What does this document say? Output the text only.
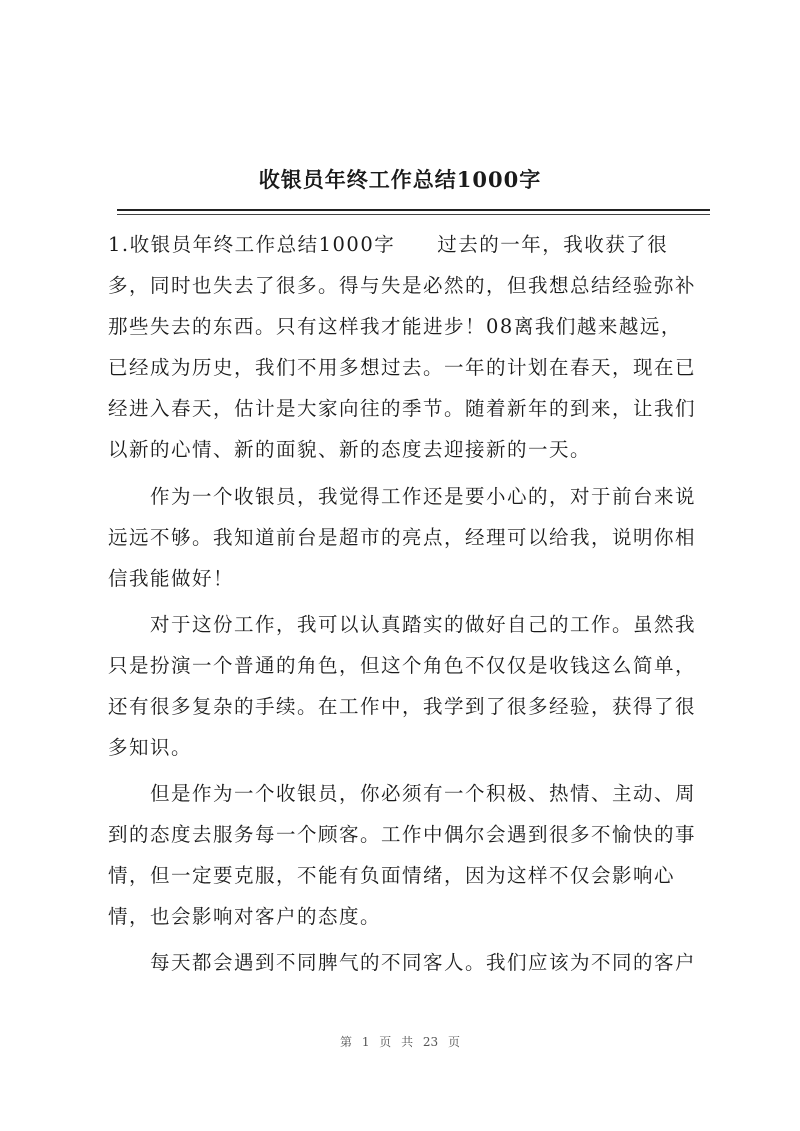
收银员年终工作总结1000字
1.收银员年终工作总结1000字　　过去的一年，我收获了很
多，同时也失去了很多。得与失是必然的，但我想总结经验弥补
那些失去的东西。只有这样我才能进步！08离我们越来越远，
已经成为历史，我们不用多想过去。一年的计划在春天，现在已
经进入春天，估计是大家向往的季节。随着新年的到来，让我们
以新的心情、新的面貌、新的态度去迎接新的一天。
　　作为一个收银员，我觉得工作还是要小心的，对于前台来说
远远不够。我知道前台是超市的亮点，经理可以给我，说明你相
信我能做好！
　　对于这份工作，我可以认真踏实的做好自己的工作。虽然我
只是扮演一个普通的角色，但这个角色不仅仅是收钱这么简单，
还有很多复杂的手续。在工作中，我学到了很多经验，获得了很
多知识。
　　但是作为一个收银员，你必须有一个积极、热情、主动、周
到的态度去服务每一个顾客。工作中偶尔会遇到很多不愉快的事
情，但一定要克服，不能有负面情绪，因为这样不仅会影响心
情，也会影响对客户的态度。
　　每天都会遇到不同脾气的不同客人。我们应该为不同的客户
第 1 页 共 23 页
